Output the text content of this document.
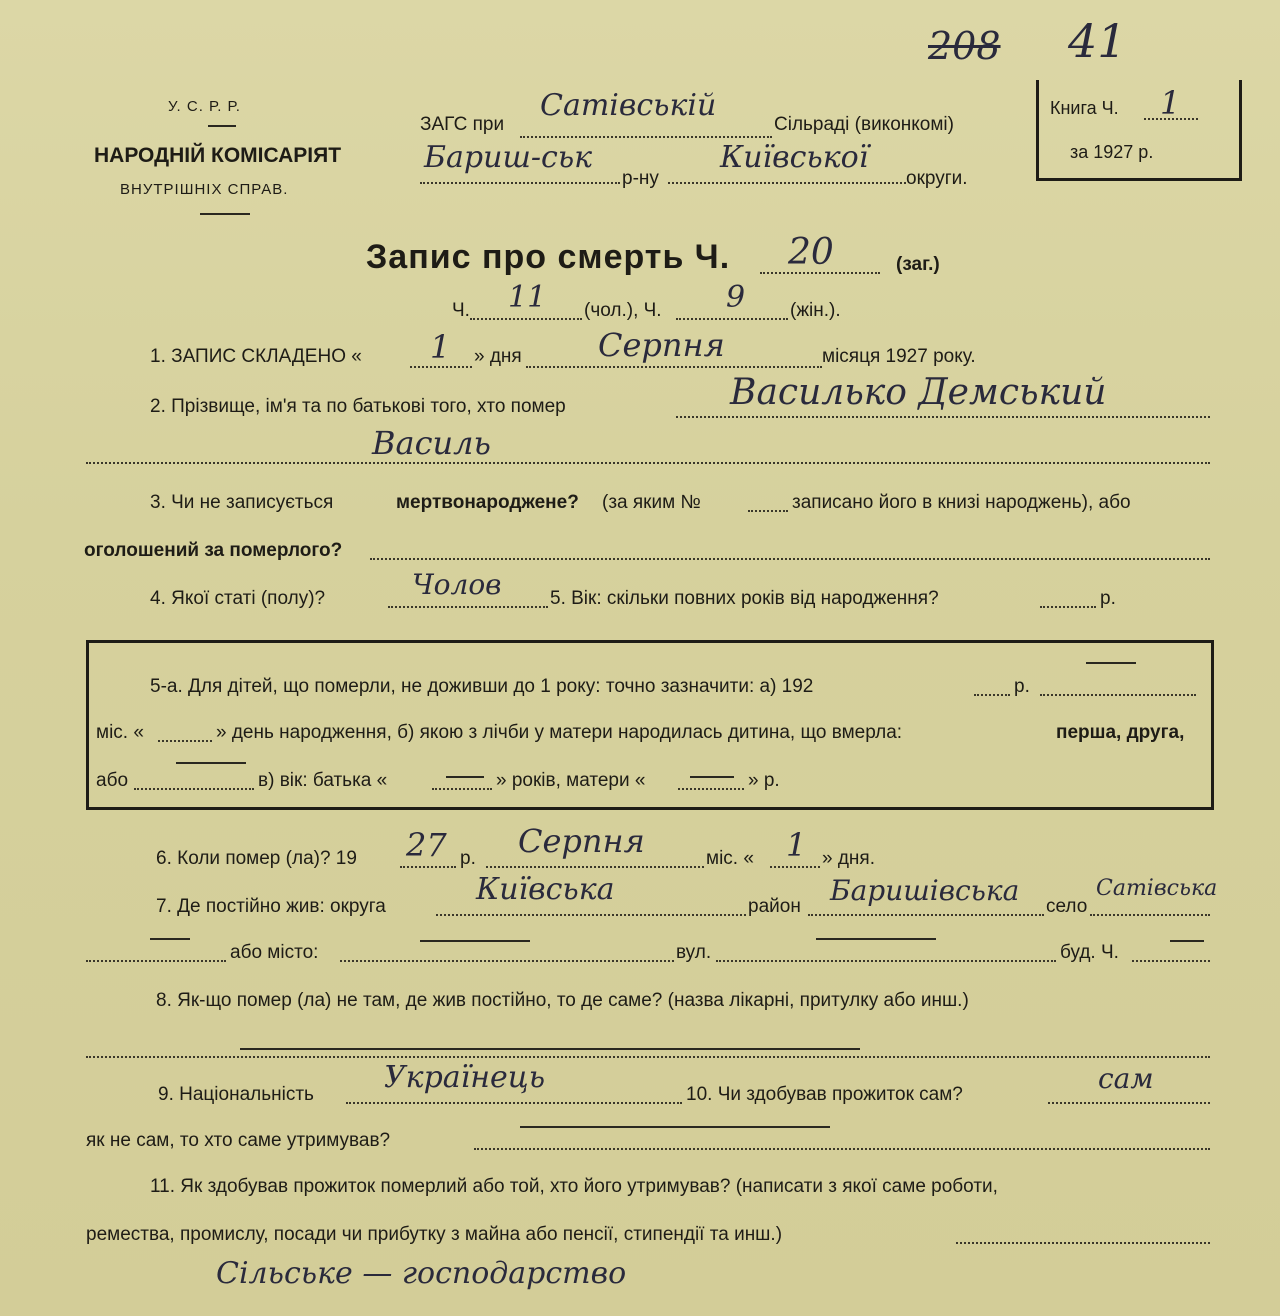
208 41
У. С. Р. Р.
НАРОДНІЙ КОМІСАРІЯТ
ВНУТРІШНІХ СПРАВ.
ЗАГС при
Сатівській
Сільраді (виконкомі)
Бариш-ськ
р-ну
Київської
округи.
Книга Ч. 1
за 1927 р.
Запис про смерть Ч. 20	(заг.)
Ч. 11 (чол.), Ч. 9 (жін.).
1. ЗАПИС СКЛАДЕНО « 1 » дня Серпня	місяця 1927 року.
2. Прізвище, ім'я та по батькові того, хто помер	Василько Демський
Василь
3. Чи не записується	мертвонароджене? (за яким №	записано його в книзі народжень), або
оголошений за померлого?
4. Якої статі (полу)?	Чолов	5. Вік: скільки повних років від народження?	р.
5-а. Для дітей, що померли, не доживши до 1 року: точно зазначити: а) 192	р.
міс. «	» день народження, б) якою з лічби у матери народилась дитина, що вмерла:	перша, друга,
або	в) вік: батька «	» років, матери «	» р.
6. Коли помер (ла)? 19 27 р. Серпня	міс. « 1 » дня.
7. Де постійно жив: округа	Київська	район Баришівська село
Сатівська
або місто:	вул.	буд. Ч.
8. Як-що помер (ла) не там, де жив постійно, то де саме? (назва лікарні, притулку або инш.)
9. Національність Українець	10. Чи здобував прожиток сам?	сам
як не сам, то хто саме утримував?
11. Як здобував прожиток померлий або той, хто його утримував? (написати з якої саме роботи,
ремества, промислу, посади чи прибутку з майна або пенсії, стипендії та инш.)
Сільське — господарство
